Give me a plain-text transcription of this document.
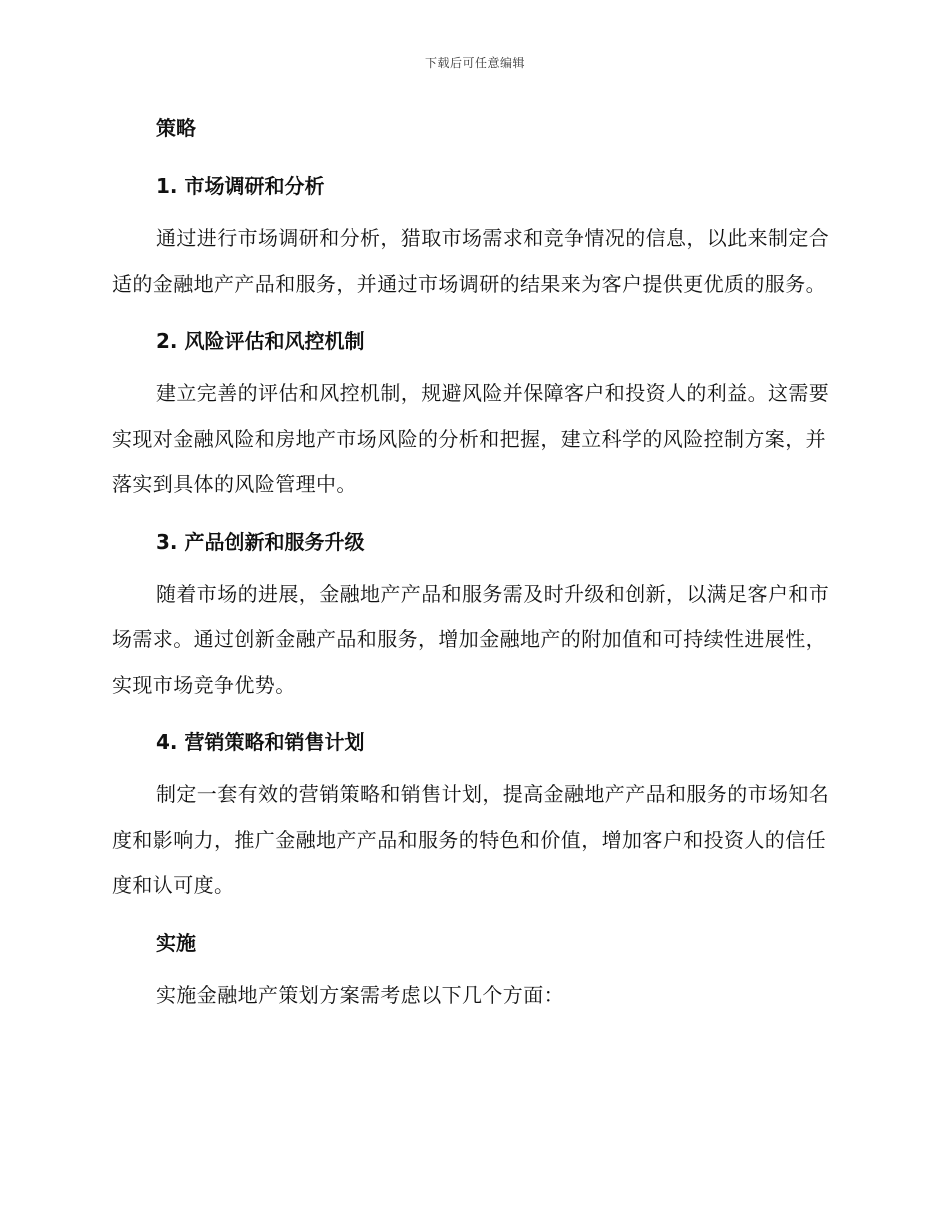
下载后可任意编辑
策略
1. 市场调研和分析

通过进行市场调研和分析，猎取市场需求和竞争情况的信息，以此来制定合适的金融地产产品和服务，并通过市场调研的结果来为客户提供更优质的服务。

2. 风险评估和风控机制

建立完善的评估和风控机制，规避风险并保障客户和投资人的利益。这需要实现对金融风险和房地产市场风险的分析和把握，建立科学的风险控制方案，并落实到具体的风险管理中。

3. 产品创新和服务升级

随着市场的进展，金融地产产品和服务需及时升级和创新，以满足客户和市场需求。通过创新金融产品和服务，增加金融地产的附加值和可持续性进展性，实现市场竞争优势。

4. 营销策略和销售计划

制定一套有效的营销策略和销售计划，提高金融地产产品和服务的市场知名度和影响力，推广金融地产产品和服务的特色和价值，增加客户和投资人的信任度和认可度。

实施

实施金融地产策划方案需考虑以下几个方面：
